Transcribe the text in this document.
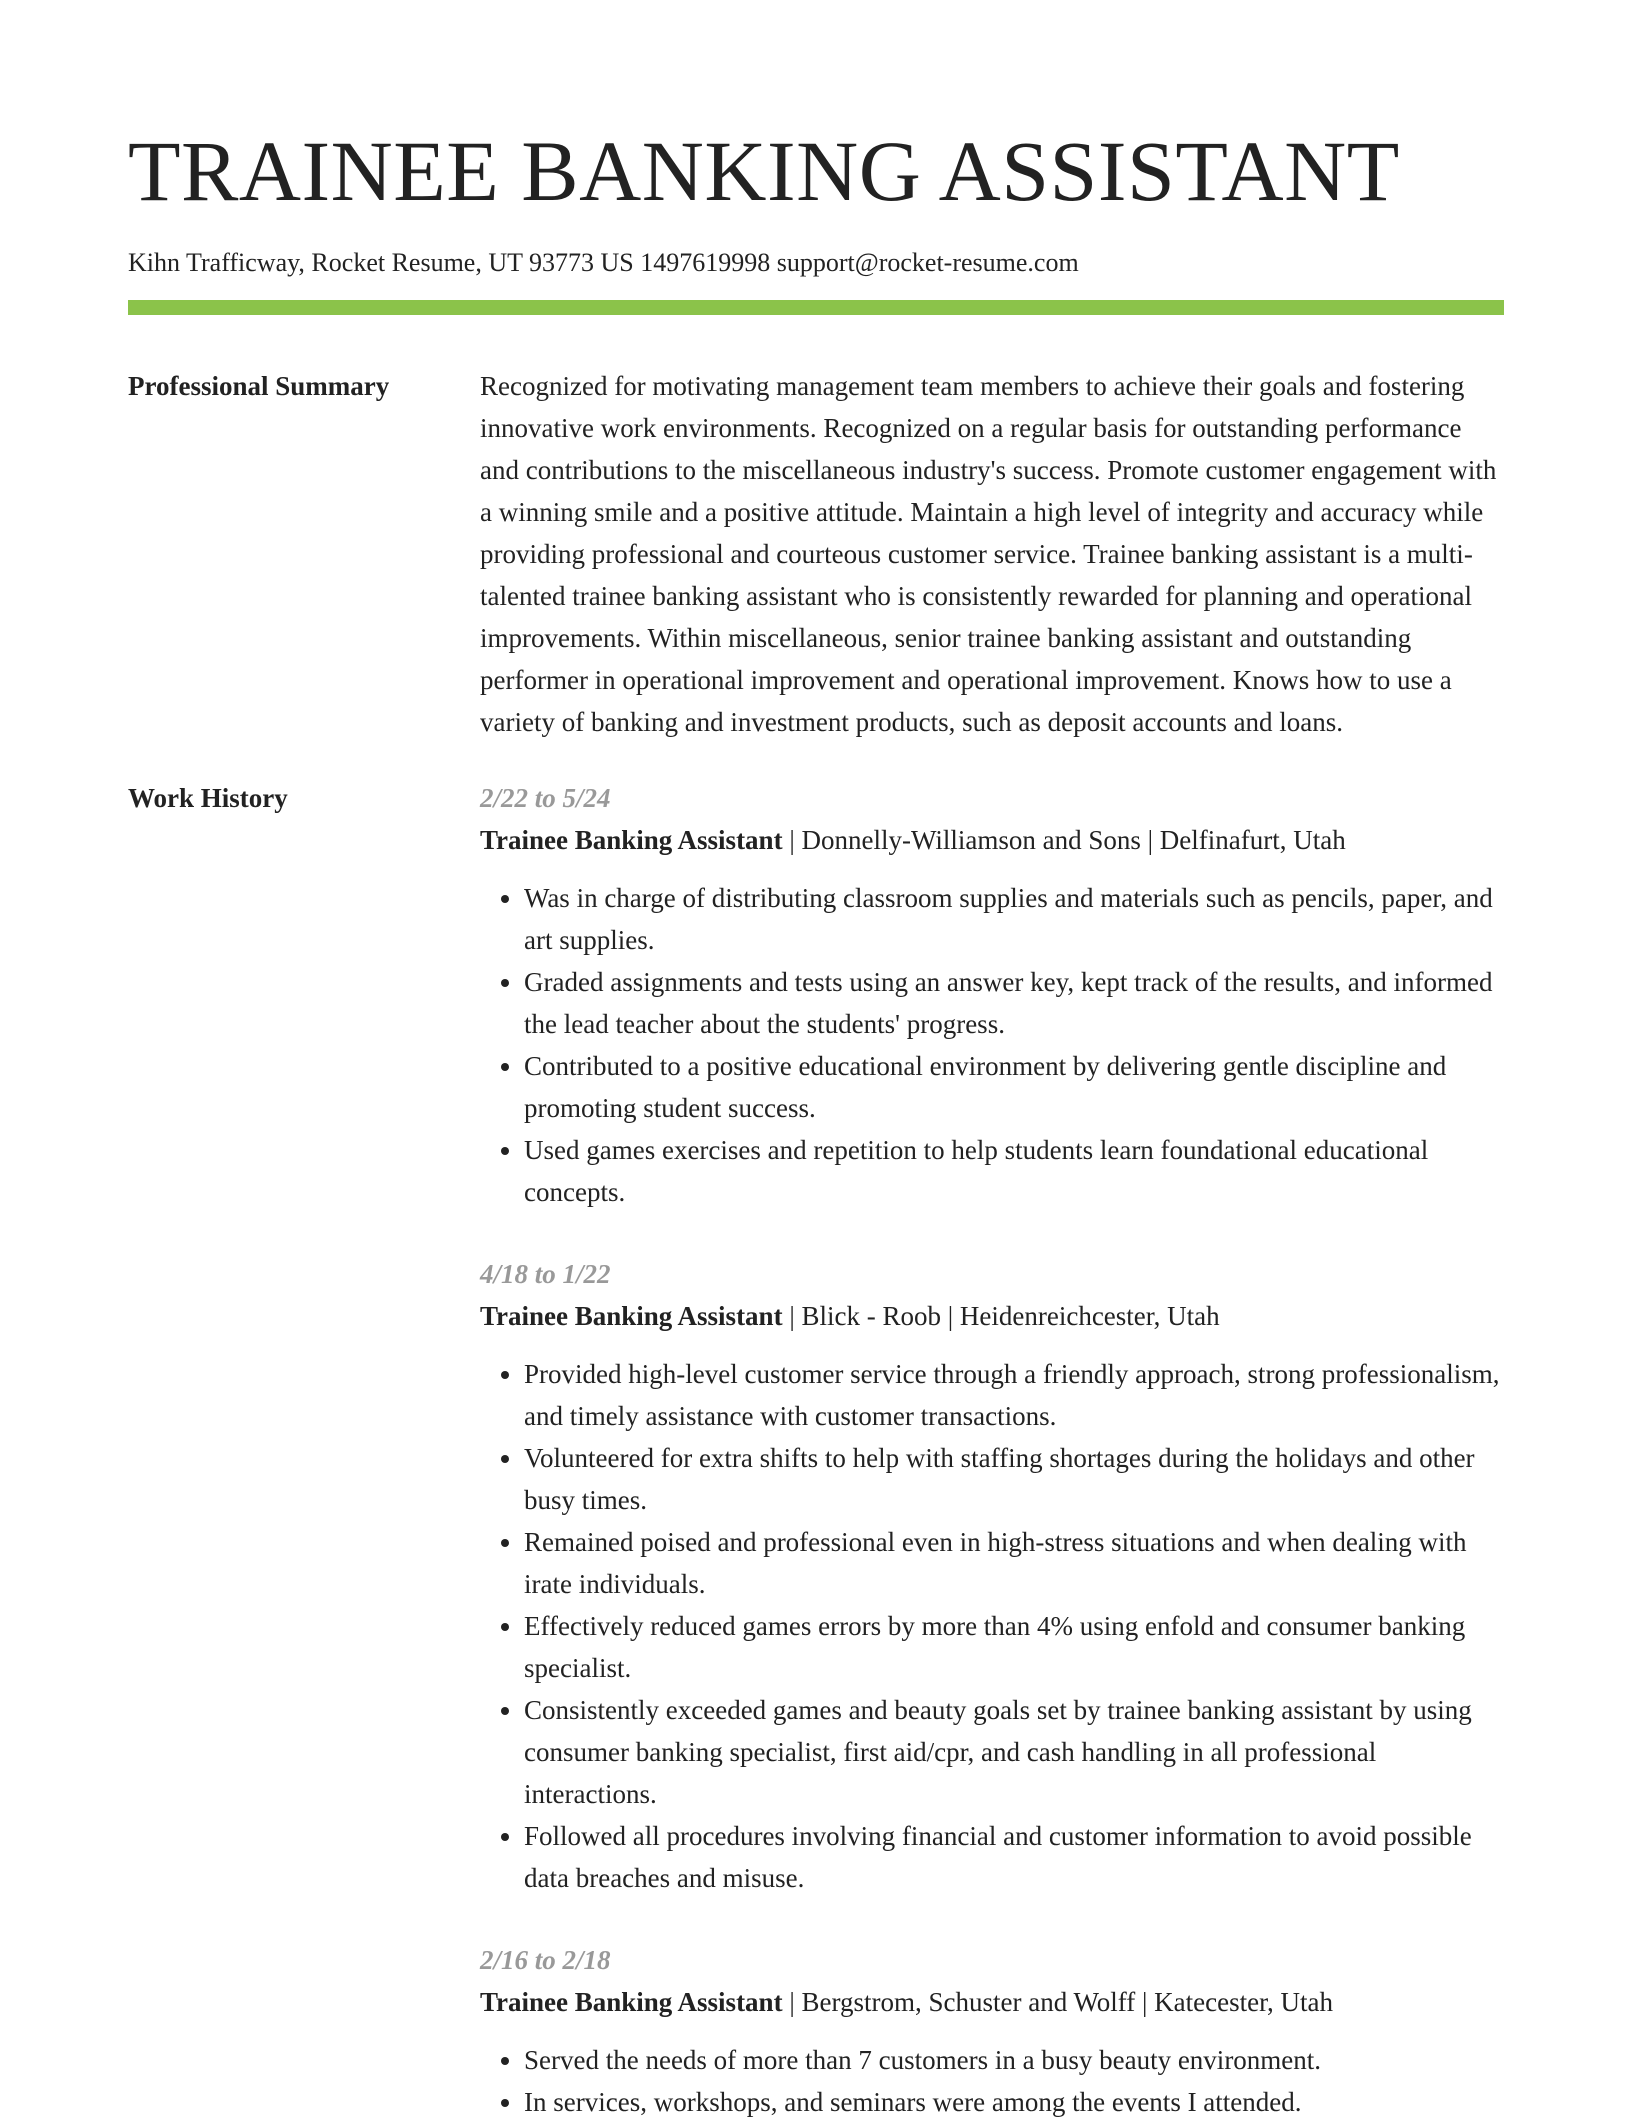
TRAINEE BANKING ASSISTANT
Kihn Trafficway, Rocket Resume, UT 93773 US 1497619998 support@rocket-resume.com
Professional Summary	Recognized for motivating management team members to achieve their goals and fostering innovative work environments. Recognized on a regular basis for outstanding performance and contributions to the miscellaneous industry's success. Promote customer engagement with a winning smile and a positive attitude. Maintain a high level of integrity and accuracy while providing professional and courteous customer service. Trainee banking assistant is a multi-talented trainee banking assistant who is consistently rewarded for planning and operational improvements. Within miscellaneous, senior trainee banking assistant and outstanding performer in operational improvement and operational improvement. Knows how to use a variety of banking and investment products, such as deposit accounts and loans.

Work History	2/22 to 5/24
Trainee Banking Assistant | Donnelly-Williamson and Sons | Delfinafurt, Utah
• Was in charge of distributing classroom supplies and materials such as pencils, paper, and art supplies.
• Graded assignments and tests using an answer key, kept track of the results, and informed the lead teacher about the students' progress.
• Contributed to a positive educational environment by delivering gentle discipline and promoting student success.
• Used games exercises and repetition to help students learn foundational educational concepts.
4/18 to 1/22
Trainee Banking Assistant | Blick - Roob | Heidenreichcester, Utah
• Provided high-level customer service through a friendly approach, strong professionalism, and timely assistance with customer transactions.
• Volunteered for extra shifts to help with staffing shortages during the holidays and other busy times.
• Remained poised and professional even in high-stress situations and when dealing with irate individuals.
• Effectively reduced games errors by more than 4% using enfold and consumer banking specialist.
• Consistently exceeded games and beauty goals set by trainee banking assistant by using consumer banking specialist, first aid/cpr, and cash handling in all professional interactions.
• Followed all procedures involving financial and customer information to avoid possible data breaches and misuse.
2/16 to 2/18
Trainee Banking Assistant | Bergstrom, Schuster and Wolff | Katecester, Utah
• Served the needs of more than 7 customers in a busy beauty environment.
• In services, workshops, and seminars were among the events I attended.
